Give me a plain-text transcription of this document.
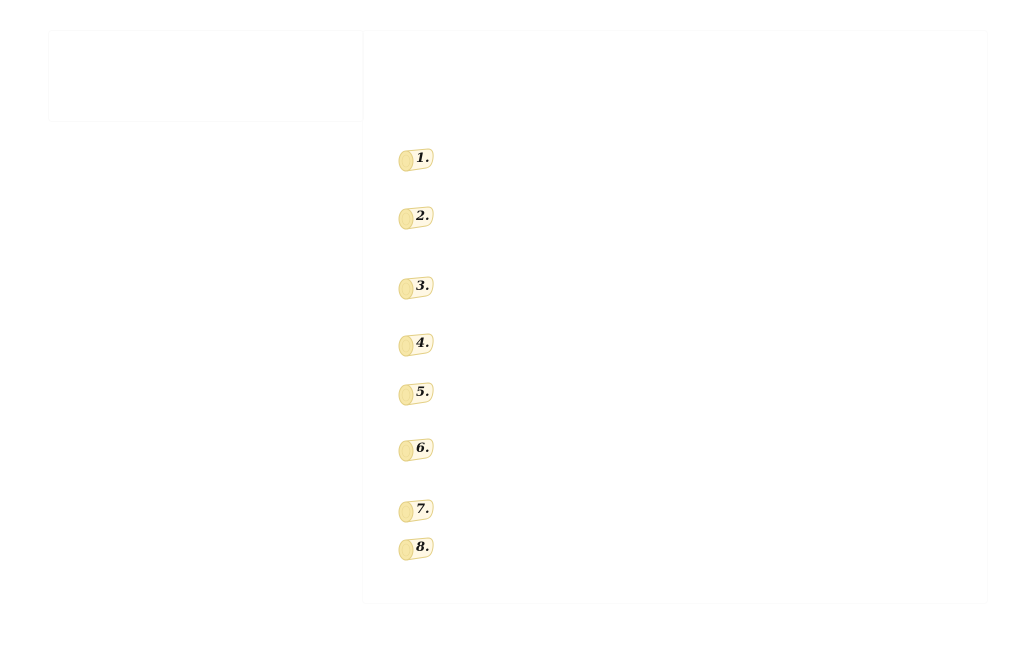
1.
2.
3.
4.
5.
6.
7.
8.
